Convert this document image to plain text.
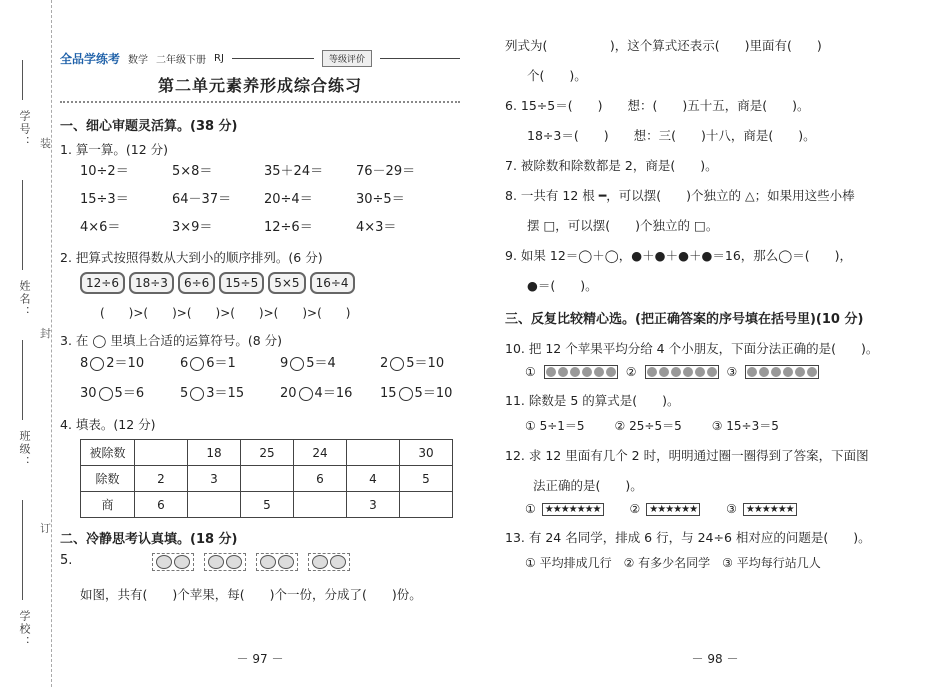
学号：
姓名：
班级：
学校：
装
封
订
全品学练考 数学 二年级下册 RJ	等级评价
第二单元素养形成综合练习
一、细心审题灵活算。(38 分)
1. 算一算。(12 分)
10÷2＝	5×8＝	35＋24＝	76－29＝
15÷3＝	64－37＝	20÷4＝	30÷5＝
4×6＝	3×9＝	12÷6＝	4×3＝
2. 把算式按照得数从大到小的顺序排列。(6 分)
12÷6	18÷3	6÷6	15÷5	5×5	16÷4
(　　)>(　　)>(　　)>(　　)>(　　)>(　　)
3. 在 ◯ 里填上合适的运算符号。(8 分)
8 2＝10	6 6＝1	9 5＝4	2 5＝10
30 5＝6	5 3＝15	20 4＝16	15 5＝10
4. 填表。(12 分)
被除数		18	25	24		30
除数	2	3		6	4	5
商	6		5		3	
二、冷静思考认真填。(18 分)
5.
如图，共有(　　)个苹果，每(　　)个一份，分成了(　　)份。
－ 97 －
列式为(　　　　　)，这个算式还表示(　　)里面有(　　)
个(　　)。
6. 15÷5＝(　　)　　想：(　　)五十五，商是(　　)。
18÷3＝(　　)　　想：三(　　)十八，商是(　　)。
7. 被除数和除数都是 2，商是(　　)。
8. 一共有 12 根 ━，可以摆(　　)个独立的 △；如果用这些小棒
摆 □，可以摆(　　)个独立的 □。
9. 如果 12＝◯＋◯，●＋●＋●＋●＝16，那么◯＝(　　)，
●＝(　　)。
三、反复比较精心选。(把正确答案的序号填在括号里)(10 分)
10. 把 12 个苹果平均分给 4 个小朋友，下面分法正确的是(　　)。
①	②	③
11. 除数是 5 的算式是(　　)。
① 5÷1＝5	② 25÷5＝5	③ 15÷3＝5
12. 求 12 里面有几个 2 时，明明通过圈一圈得到了答案，下面图
法正确的是(　　)。
① ★★★★★★★ ② ★★★★★★ ③ ★★★★★★
13. 有 24 名同学，排成 6 行，与 24÷6 相对应的问题是(　　)。
① 平均排成几行　② 有多少名同学　③ 平均每行站几人
－ 98 －
